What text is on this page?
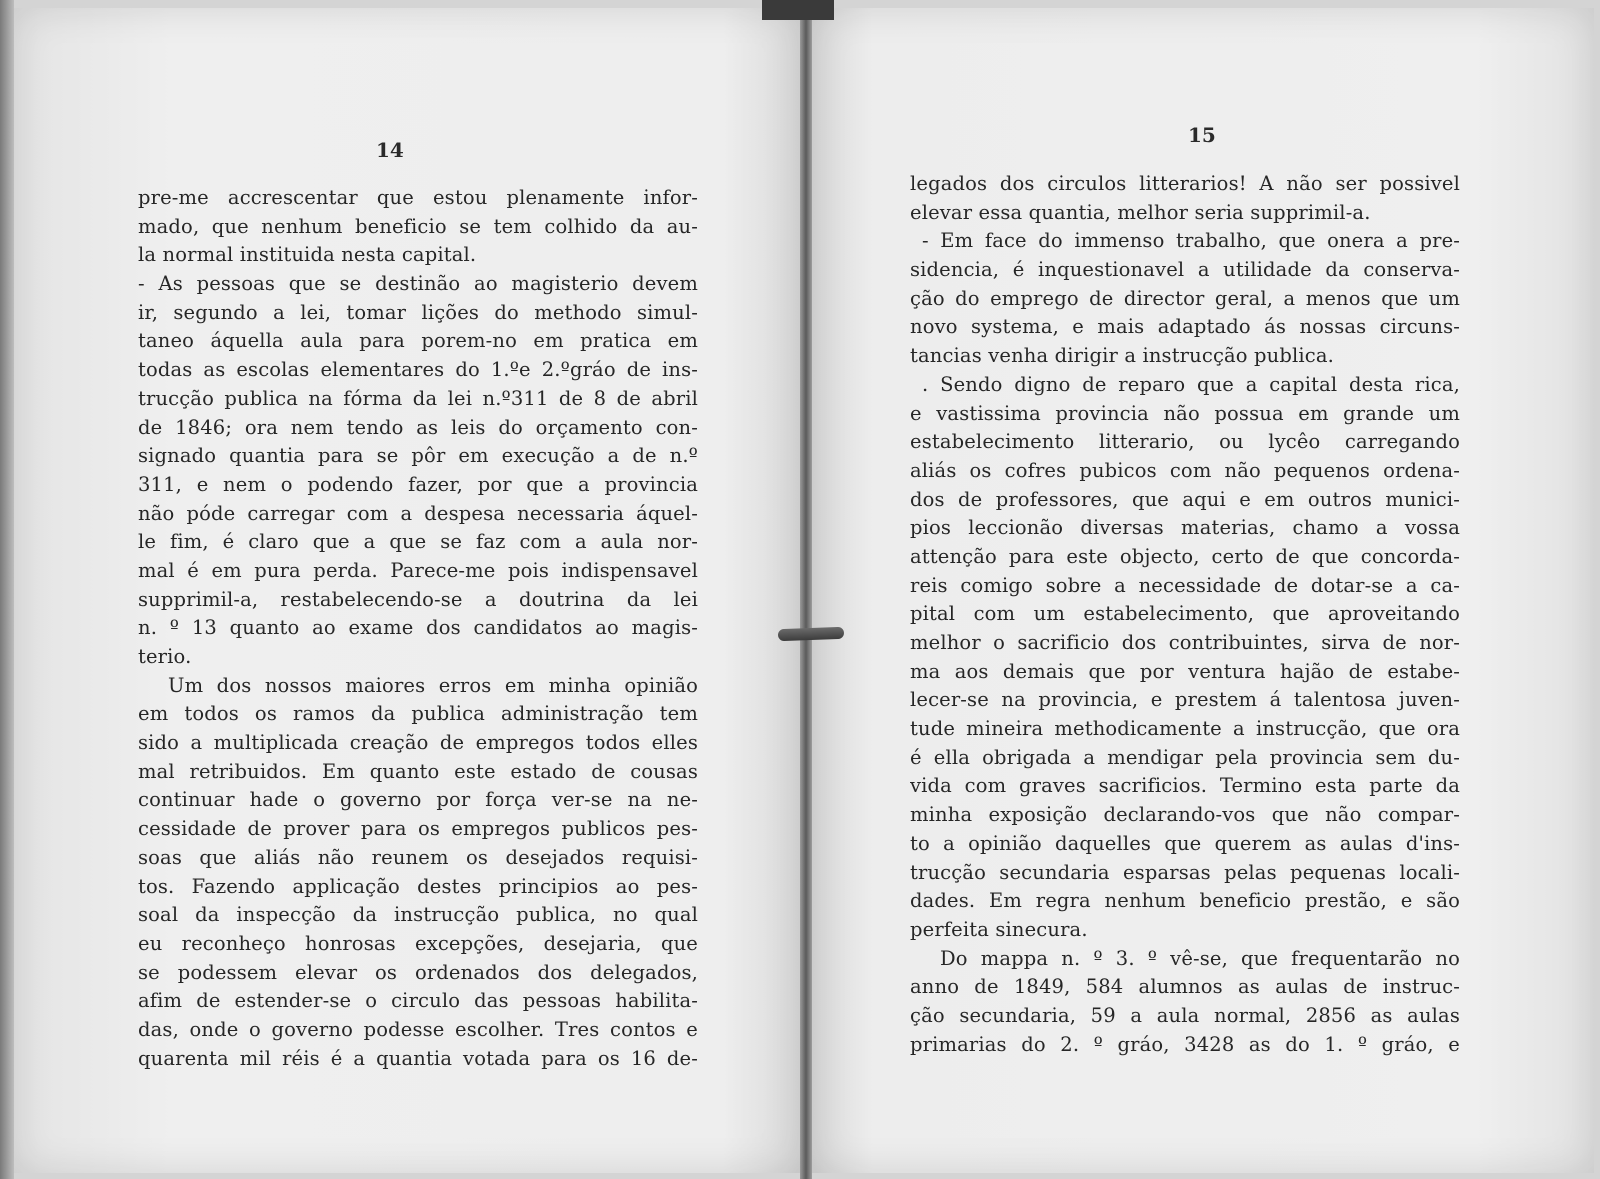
14
pre-me accrescentar que estou plenamente infor-
mado, que nenhum beneficio se tem colhido da au-
la normal instituida nesta capital.
- As pessoas que se destinão ao magisterio devem
ir, segundo a lei, tomar lições do methodo simul-
taneo áquella aula para porem-no em pratica em
todas as escolas elementares do 1.ºe 2.ºgráo de ins-
trucção publica na fórma da lei n.º311 de 8 de abril
de 1846; ora nem tendo as leis do orçamento con-
signado quantia para se pôr em execução a de n.º
311, e nem o podendo fazer, por que a provincia
não póde carregar com a despesa necessaria áquel-
le fim, é claro que a que se faz com a aula nor-
mal é em pura perda. Parece-me pois indispensavel
supprimil-a, restabelecendo-se a doutrina da lei
n. º 13 quanto ao exame dos candidatos ao magis-
terio.
Um dos nossos maiores erros em minha opinião
em todos os ramos da publica administração tem
sido a multiplicada creação de empregos todos elles
mal retribuidos. Em quanto este estado de cousas
continuar hade o governo por força ver-se na ne-
cessidade de prover para os empregos publicos pes-
soas que aliás não reunem os desejados requisi-
tos. Fazendo applicação destes principios ao pes-
soal da inspecção da instrucção publica, no qual
eu reconheço honrosas excepções, desejaria, que
se podessem elevar os ordenados dos delegados,
afim de estender-se o circulo das pessoas habilita-
das, onde o governo podesse escolher. Tres contos e
quarenta mil réis é a quantia votada para os 16 de-
15
legados dos circulos litterarios! A não ser possivel
elevar essa quantia, melhor seria supprimil-a.
- Em face do immenso trabalho, que onera a pre-
sidencia, é inquestionavel a utilidade da conserva-
ção do emprego de director geral, a menos que um
novo systema, e mais adaptado ás nossas circuns-
tancias venha dirigir a instrucção publica.
. Sendo digno de reparo que a capital desta rica,
e vastissima provincia não possua em grande um
estabelecimento litterario, ou lycêo carregando
aliás os cofres pubicos com não pequenos ordena-
dos de professores, que aqui e em outros munici-
pios leccionão diversas materias, chamo a vossa
attenção para este objecto, certo de que concorda-
reis comigo sobre a necessidade de dotar-se a ca-
pital com um estabelecimento, que aproveitando
melhor o sacrificio dos contribuintes, sirva de nor-
ma aos demais que por ventura hajão de estabe-
lecer-se na provincia, e prestem á talentosa juven-
tude mineira methodicamente a instrucção, que ora
é ella obrigada a mendigar pela provincia sem du-
vida com graves sacrificios. Termino esta parte da
minha exposição declarando-vos que não compar-
to a opinião daquelles que querem as aulas d'ins-
trucção secundaria esparsas pelas pequenas locali-
dades. Em regra nenhum beneficio prestão, e são
perfeita sinecura.
Do mappa n. º 3. º vê-se, que frequentarão no
anno de 1849, 584 alumnos as aulas de instruc-
ção secundaria, 59 a aula normal, 2856 as aulas
primarias do 2. º gráo, 3428 as do 1. º gráo, e
